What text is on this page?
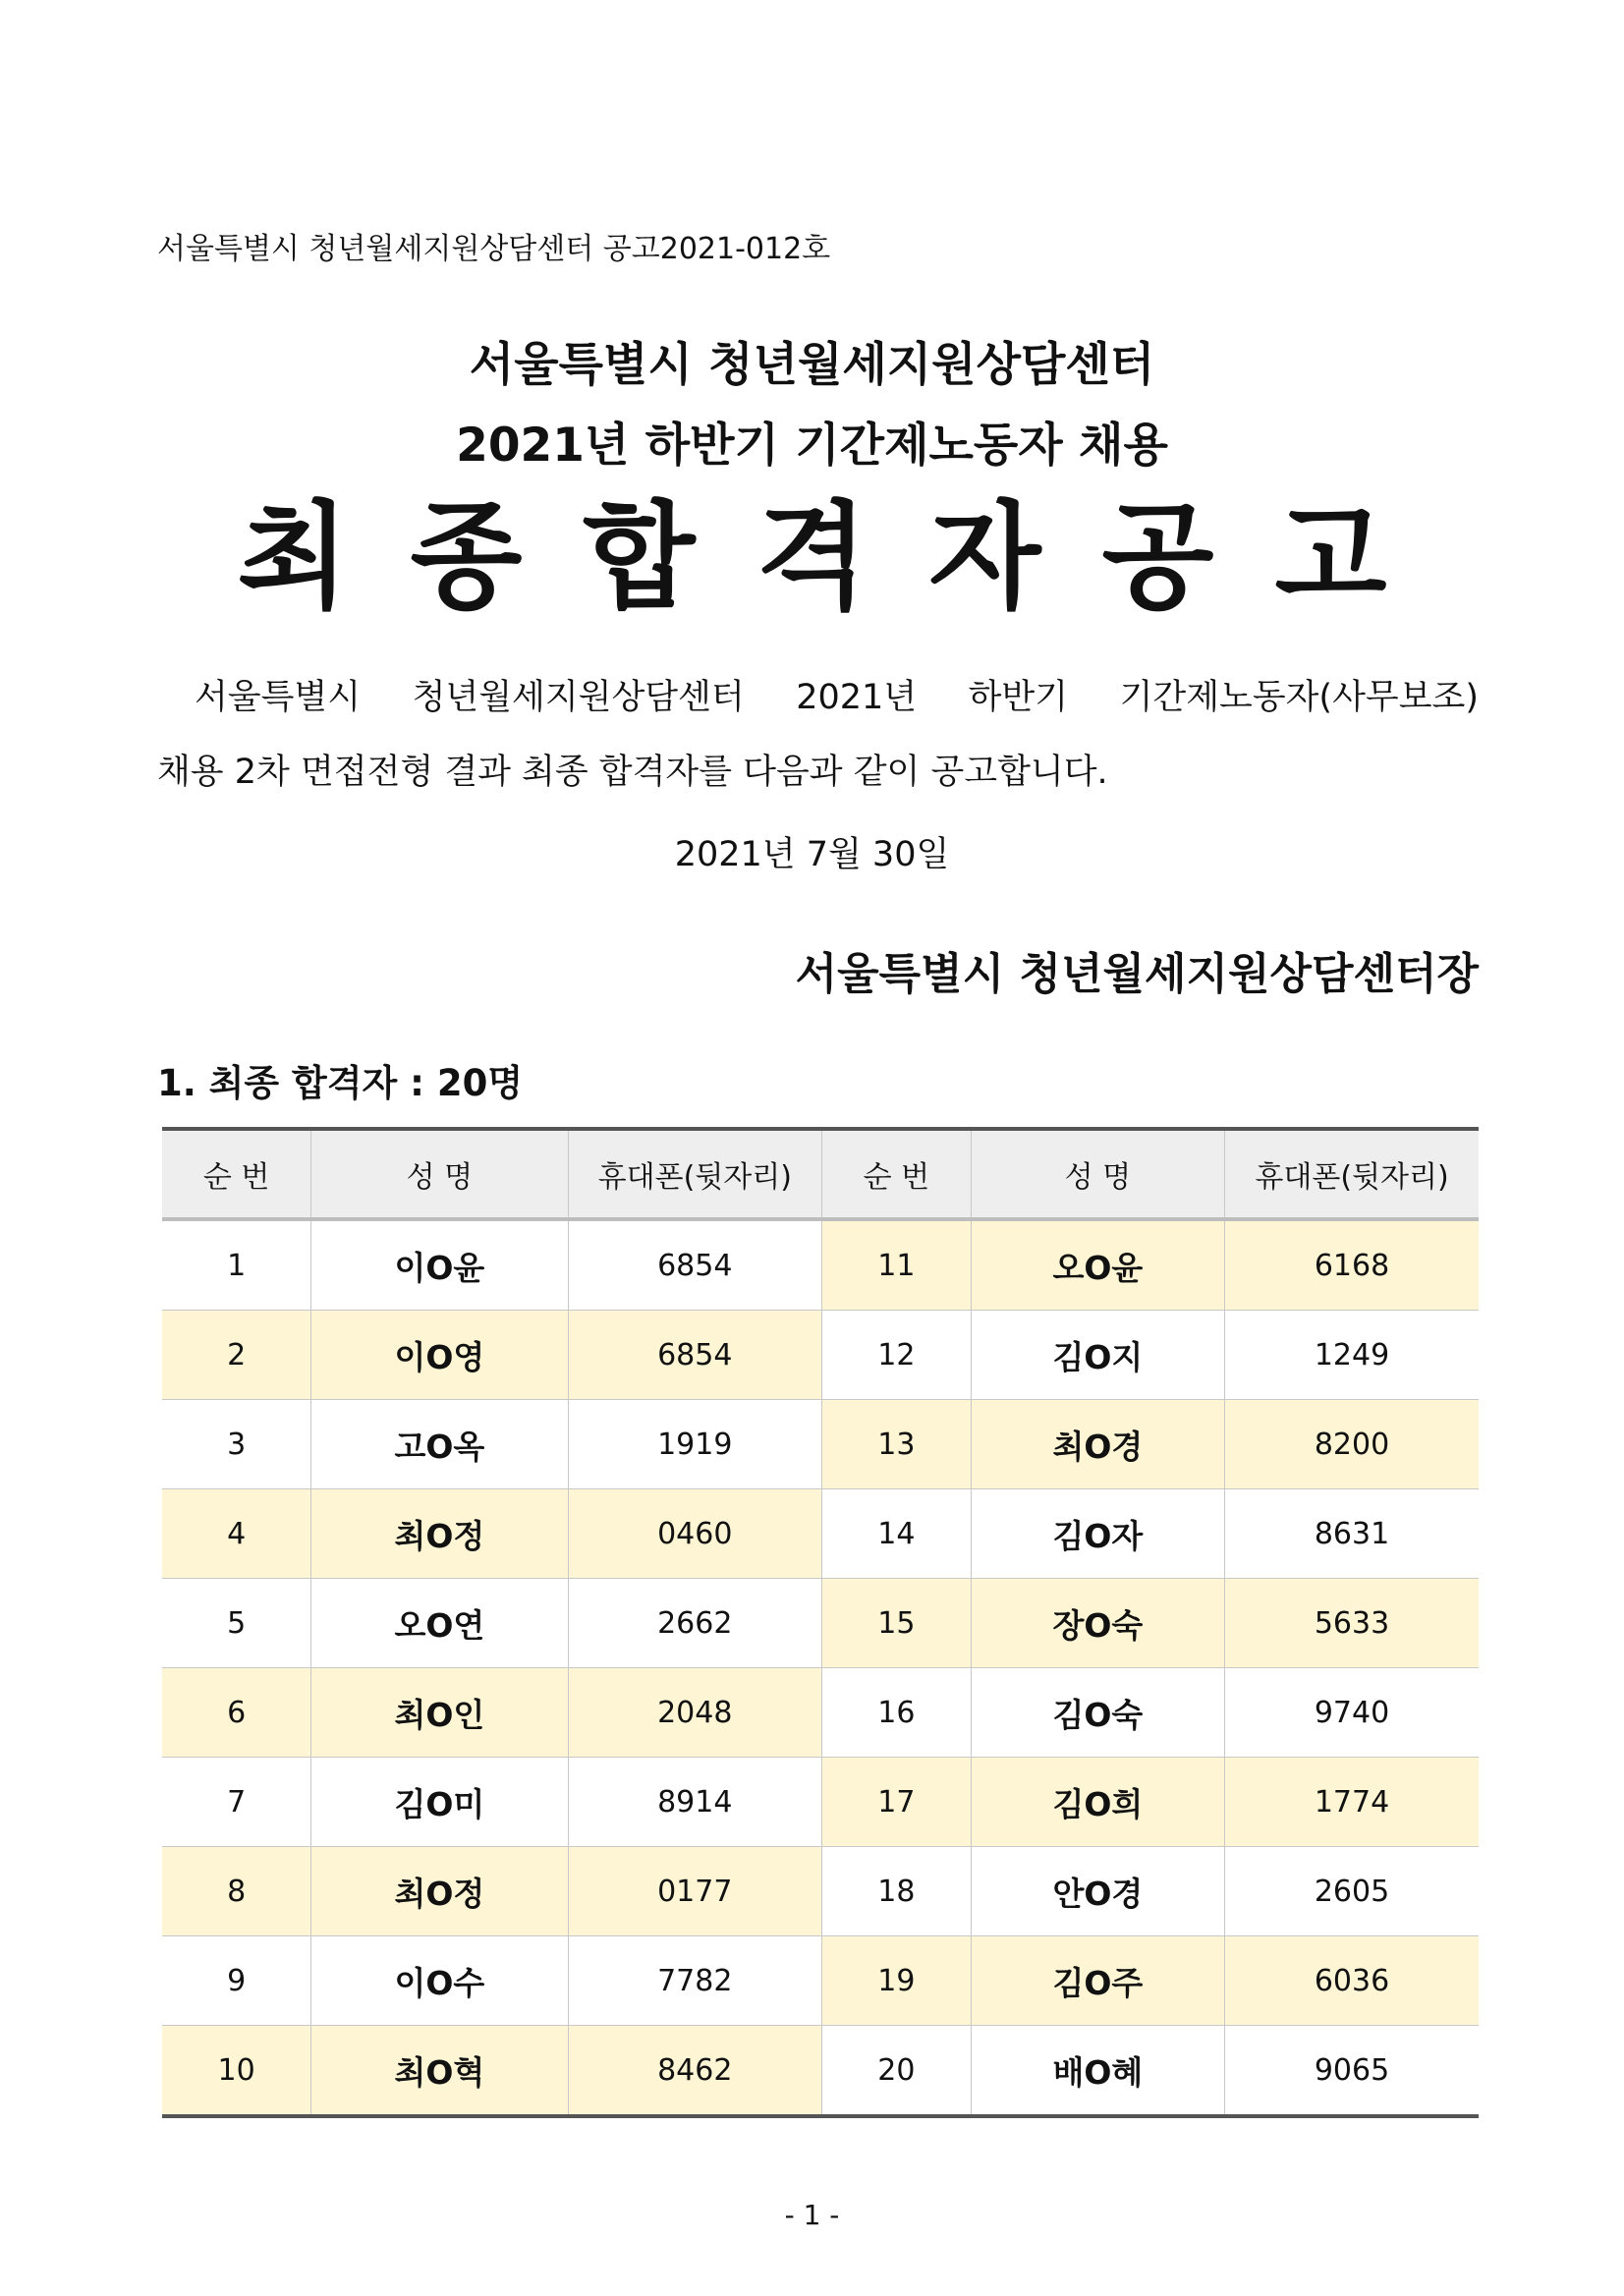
서울특별시 청년월세지원상담센터 공고2021-012호
서울특별시 청년월세지원상담센터
2021년 하반기 기간제노동자 채용
최종합격자공고
서울특별시 청년월세지원상담센터 2021년 하반기 기간제노동자(사무보조)
채용 2차 면접전형 결과 최종 합격자를 다음과 같이 공고합니다.
2021년 7월 30일
서울특별시 청년월세지원상담센터장
1. 최종 합격자 : 20명
순 번	성 명	휴대폰(뒷자리)	순 번	성 명	휴대폰(뒷자리)
1	이O윤	6854	11	오O윤	6168
2	이O영	6854	12	김O지	1249
3	고O옥	1919	13	최O경	8200
4	최O정	0460	14	김O자	8631
5	오O연	2662	15	장O숙	5633
6	최O인	2048	16	김O숙	9740
7	김O미	8914	17	김O희	1774
8	최O정	0177	18	안O경	2605
9	이O수	7782	19	김O주	6036
10	최O혁	8462	20	배O혜	9065
- 1 -
